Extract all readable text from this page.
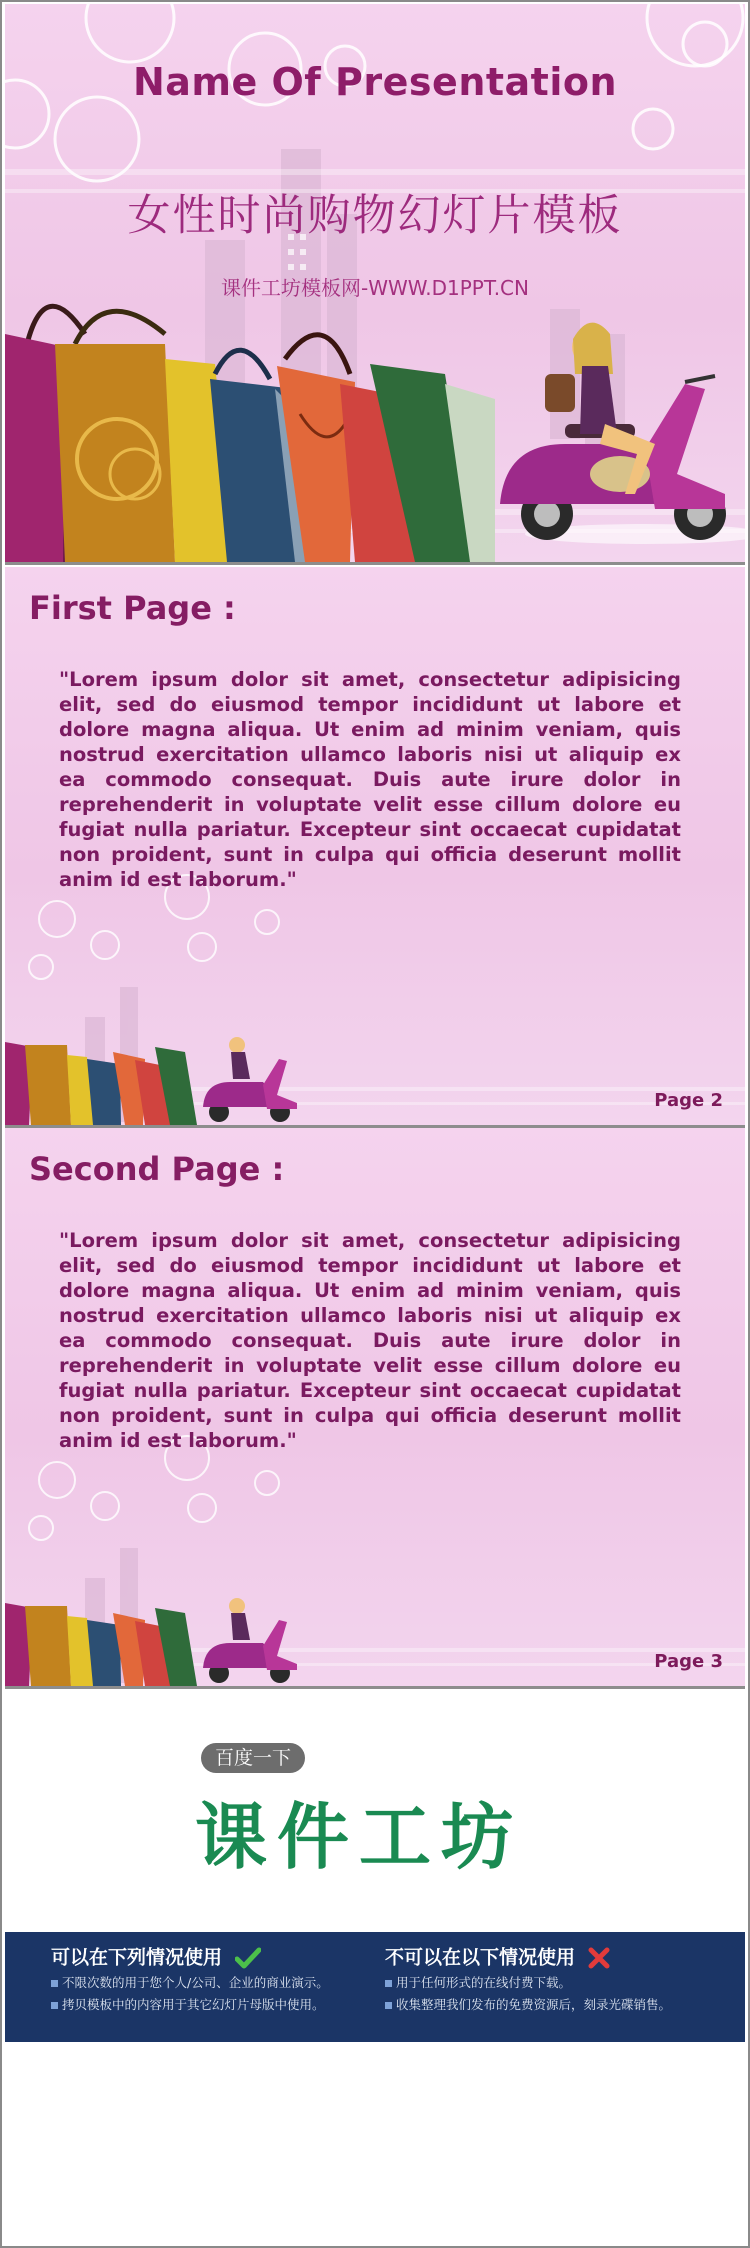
Name Of Presentation
女性时尚购物幻灯片模板
课件工坊模板网-WWW.D1PPT.CN
First Page :
"Lorem ipsum dolor sit amet, consectetur adipisicing elit, sed do eiusmod tempor incididunt ut labore et dolore magna aliqua. Ut enim ad minim veniam, quis nostrud exercitation ullamco laboris nisi ut aliquip ex ea commodo consequat. Duis aute irure dolor in reprehenderit in voluptate velit esse cillum dolore eu fugiat nulla pariatur. Excepteur sint occaecat cupidatat non proident, sunt in culpa qui officia deserunt mollit anim id est laborum."
Page 2
Second Page :
"Lorem ipsum dolor sit amet, consectetur adipisicing elit, sed do eiusmod tempor incididunt ut labore et dolore magna aliqua. Ut enim ad minim veniam, quis nostrud exercitation ullamco laboris nisi ut aliquip ex ea commodo consequat. Duis aute irure dolor in reprehenderit in voluptate velit esse cillum dolore eu fugiat nulla pariatur. Excepteur sint occaecat cupidatat non proident, sunt in culpa qui officia deserunt mollit anim id est laborum."
Page 3
百度一下
课件工坊
可以在下列情况使用
不限次数的用于您个人/公司、企业的商业演示。
拷贝模板中的内容用于其它幻灯片母版中使用。
不可以在以下情况使用
用于任何形式的在线付费下载。
收集整理我们发布的免费资源后，刻录光碟销售。
